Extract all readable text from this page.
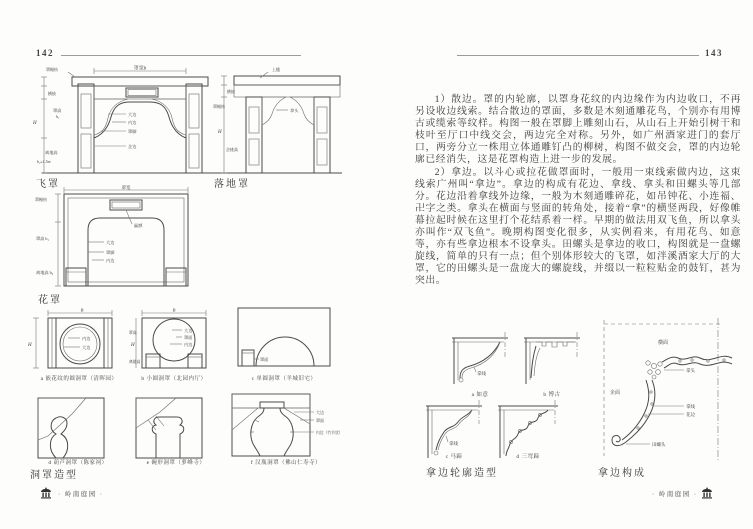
142	143
罩宽b
罩楣枋
横披
罩高
h₁
H
离地高
h₂≥1.5m
大边
内边
罩脚
企边
飞罩
上槛
横披
罩楣枋
H
企栊高
拿头
落地罩
罩宽
罩楣枋
罩高 h₁
离地高 h₂
匾额
大边
罩脚
内边
花罩
B
H
内边
大边
a 嵌花纹的圆洞罩（清晖园）
B
罩高
H
离地高
大边
罩面
内边
b 小圆洞罩（北园内厅）
罩面
c 单圆洞罩（羊城旧宅）
d 葫芦洞罩（陈家祠）	e 碗形洞罩（萝峰寺）
大边
罩面
内边（竹节状）
f 汉瓶洞罩（佛山仁寿寺）
洞罩造型

1）散边。罩的内轮廓，以罩身花纹的内边缘作为内边收口，不再另设收边线索。结合散边的罩面，多数是木刻通雕花鸟，个别亦有用博古或缆索等纹样。构图一般在罩脚上雕刻山石，从山石上开始引树干和枝叶至厅口中线交会，两边完全对称。另外，如广州酒家进门的套厅口，两旁分立一株用立体通雕钉凸的柳树，构图不做交会，罩的内边轮廓已经消失，这是花罩构造上进一步的发展。

2）拿边。以斗心或拉花做罩面时，一般用一束线索做内边，这束线索广州叫“拿边”。拿边的构成有花边、拿线、拿头和田螺头等几部分。花边沿着拿线外边缘，一般为木刻通雕碎花，如吊钟花、小连福、卍字之类。拿头在横面与竖面的转角处，接着“拿”的横竖两段，好像帷幕拉起时候在这里打个花结系着一样。早期的做法用双飞鱼，所以拿头亦叫作“双飞鱼”。晚期构图变化很多，从实例看来，有用花鸟、如意等，亦有些拿边根本不设拿头。田螺头是拿边的收口，构图就是一盘螺旋线，简单的只有一点；但个别体形较大的飞罩，如泮溪酒家大厅的大罩，它的田螺头是一盘庞大的螺旋线，并缀以一粒粒贴金的鼓钉，甚为突出。

拿线
a 如意	b 博古
拿线
c 马蹄	d 三弯蹄
拿边轮廓造型
横面
企面
拿头
拿线
花边
田螺头
拿边构成
· 岭南庭园 ·	· 岭南庭园 ·
